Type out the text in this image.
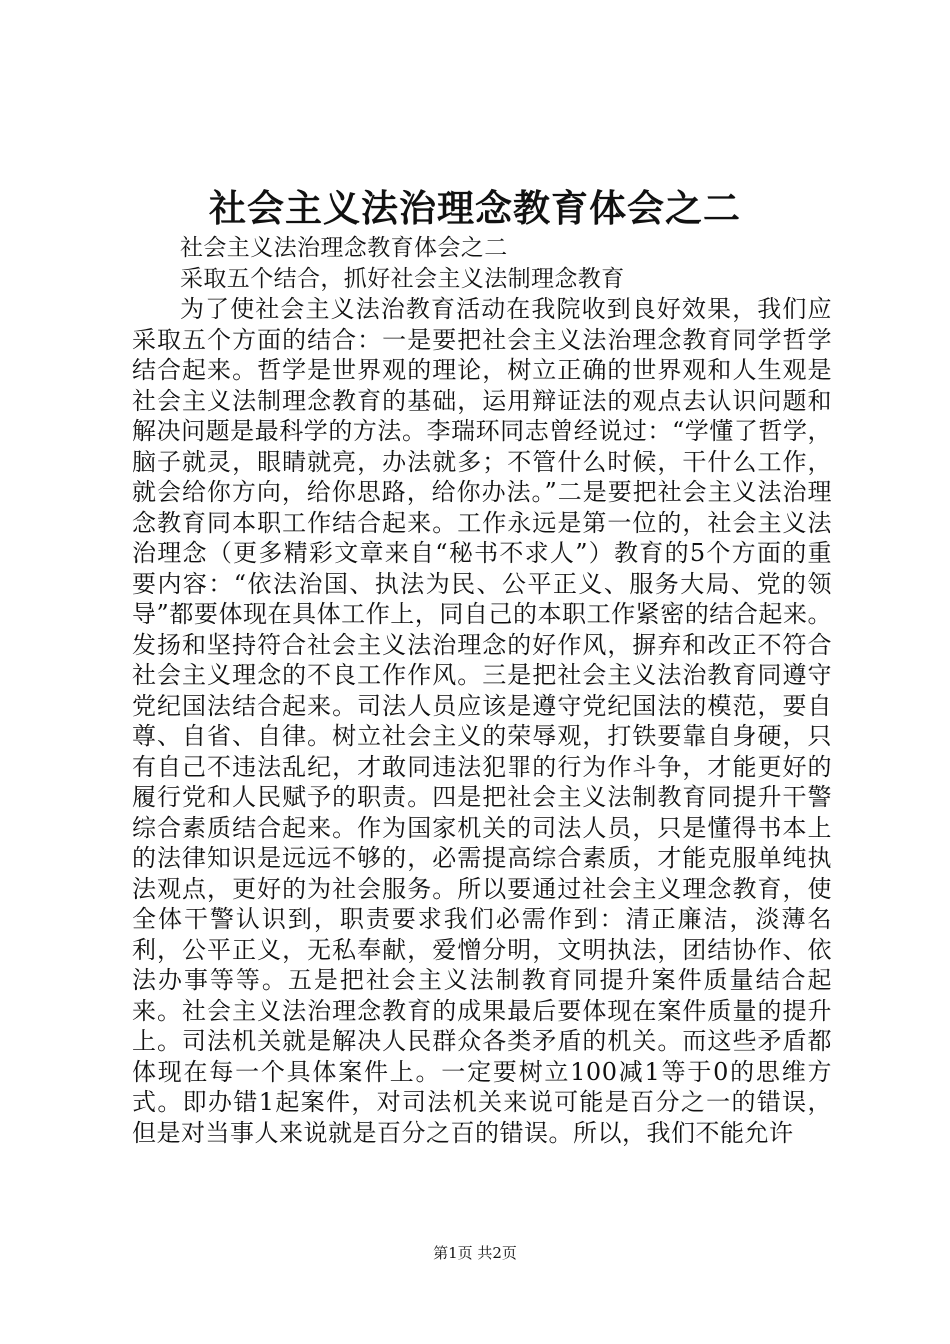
社会主义法治理念教育体会之二

社会主义法治理念教育体会之二

采取五个结合，抓好社会主义法制理念教育

为了使社会主义法治教育活动在我院收到良好效果，我们应采取五个方面的结合：一是要把社会主义法治理念教育同学哲学结合起来。哲学是世界观的理论，树立正确的世界观和人生观是社会主义法制理念教育的基础，运用辩证法的观点去认识问题和解决问题是最科学的方法。李瑞环同志曾经说过：“学懂了哲学，脑子就灵，眼睛就亮，办法就多；不管什么时候，干什么工作，就会给你方向，给你思路，给你办法。”二是要把社会主义法治理念教育同本职工作结合起来。工作永远是第一位的，社会主义法治理念（更多精彩文章来自“秘书不求人”）教育的5个方面的重要内容：“依法治国、执法为民、公平正义、服务大局、党的领导”都要体现在具体工作上，同自己的本职工作紧密的结合起来。发扬和坚持符合社会主义法治理念的好作风，摒弃和改正不符合社会主义理念的不良工作作风。三是把社会主义法治教育同遵守党纪国法结合起来。司法人员应该是遵守党纪国法的模范，要自尊、自省、自律。树立社会主义的荣辱观，打铁要靠自身硬，只有自己不违法乱纪，才敢同违法犯罪的行为作斗争，才能更好的履行党和人民赋予的职责。四是把社会主义法制教育同提升干警综合素质结合起来。作为国家机关的司法人员，只是懂得书本上的法律知识是远远不够的，必需提高综合素质，才能克服单纯执法观点，更好的为社会服务。所以要通过社会主义理念教育，使全体干警认识到，职责要求我们必需作到：清正廉洁，淡薄名利，公平正义，无私奉献，爱憎分明，文明执法，团结协作、依法办事等等。五是把社会主义法制教育同提升案件质量结合起来。社会主义法治理念教育的成果最后要体现在案件质量的提升上。司法机关就是解决人民群众各类矛盾的机关。而这些矛盾都体现在每一个具体案件上。一定要树立100减1等于0的思维方式。即办错1起案件，对司法机关来说可能是百分之一的错误，但是对当事人来说就是百分之百的错误。所以，我们不能允许

第1页 共2页
